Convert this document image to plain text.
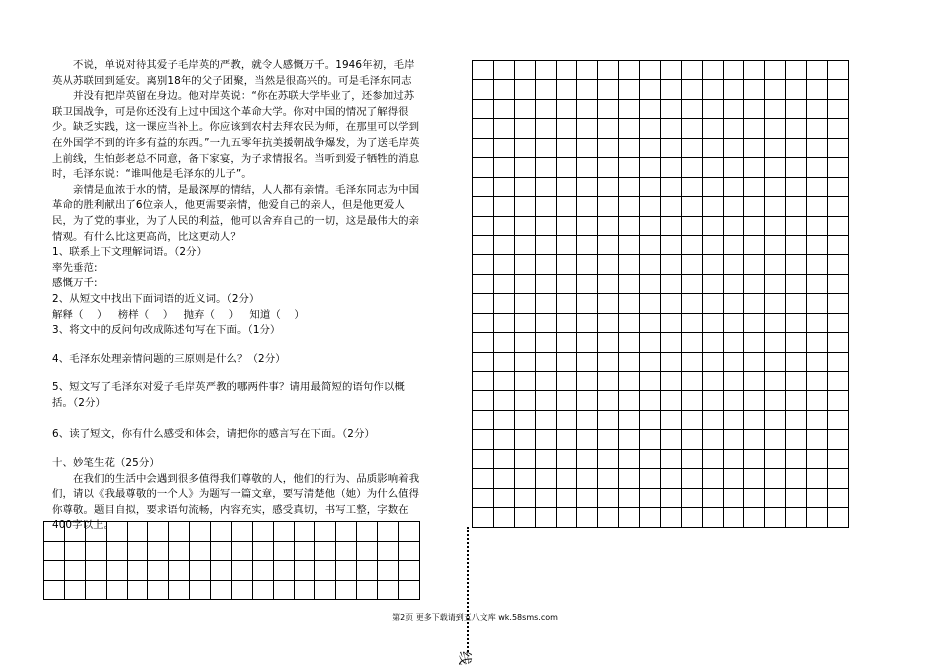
不说，单说对待其爱子毛岸英的严教，就令人感慨万千。1946年初，毛岸英从苏联回到延安。离别18年的父子团聚，当然是很高兴的。可是毛泽东同志

并没有把岸英留在身边。他对岸英说：“你在苏联大学毕业了，还参加过苏联卫国战争，可是你还没有上过中国这个革命大学。你对中国的情况了解得很少。缺乏实践，这一课应当补上。你应该到农村去拜农民为师，在那里可以学到在外国学不到的许多有益的东西。”一九五零年抗美援朝战争爆发，为了送毛岸英上前线，生怕彭老总不同意，备下家宴，为子求情报名。当听到爱子牺牲的消息时，毛泽东说：“谁叫他是毛泽东的儿子”。

亲情是血浓于水的情，是最深厚的情结，人人都有亲情。毛泽东同志为中国革命的胜利献出了6位亲人，他更需要亲情，他爱自己的亲人，但是他更爱人民，为了党的事业，为了人民的利益，他可以舍弃自己的一切，这是最伟大的亲情观。有什么比这更高尚，比这更动人？

1、联系上下文理解词语。（2分）

率先垂范:

感慨万千:

2、从短文中找出下面词语的近义词。（2分）

解释（    ）   榜样（    ）   抛弃（    ）   知道（    ）

3、将文中的反问句改成陈述句写在下面。（1分）

4、毛泽东处理亲情问题的三原则是什么？（2分）

5、短文写了毛泽东对爱子毛岸英严教的哪两件事？请用最简短的语句作以概括。（2分）

6、读了短文，你有什么感受和体会，请把你的感言写在下面。（2分）

十、妙笔生花（25分）

在我们的生活中会遇到很多值得我们尊敬的人，他们的行为、品质影响着我们，请以《我最尊敬的一个人》为题写一篇文章，要写清楚他（她）为什么值得你尊敬。题目自拟，要求语句流畅，内容充实，感受真切，书写工整，字数在400字以上。

线
第2页 更多下载请到五八文库 wk.58sms.com
